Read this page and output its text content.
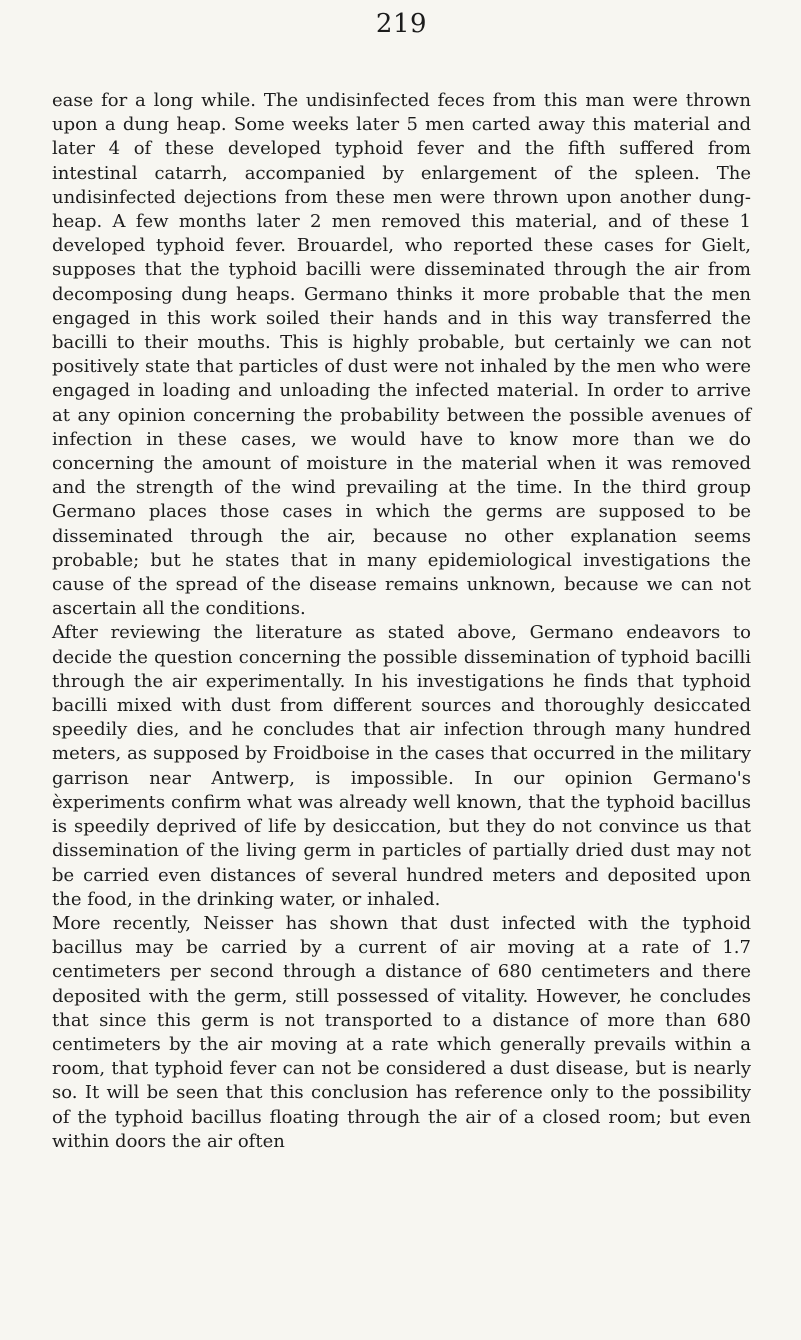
219

ease for a long while. The undisinfected feces from this man were thrown upon a dung heap. Some weeks later 5 men carted away this material and later 4 of these developed typhoid fever and the fifth suffered from intestinal catarrh, accompanied by enlargement of the spleen. The undisinfected dejections from these men were thrown upon another dung-heap. A few months later 2 men removed this material, and of these 1 developed typhoid fever. Brouardel, who reported these cases for Gielt, supposes that the typhoid bacilli were disseminated through the air from decomposing dung heaps. Germano thinks it more probable that the men engaged in this work soiled their hands and in this way transferred the bacilli to their mouths. This is highly probable, but certainly we can not positively state that particles of dust were not inhaled by the men who were engaged in loading and unloading the infected material. In order to arrive at any opinion concerning the probability between the possible avenues of infection in these cases, we would have to know more than we do concerning the amount of moisture in the material when it was removed and the strength of the wind prevailing at the time. In the third group Germano places those cases in which the germs are supposed to be disseminated through the air, because no other explanation seems probable; but he states that in many epidemiological investigations the cause of the spread of the disease remains unknown, because we can not ascertain all the conditions.

After reviewing the literature as stated above, Germano endeavors to decide the question concerning the possible dissemination of typhoid bacilli through the air experimentally. In his investigations he finds that typhoid bacilli mixed with dust from different sources and thoroughly desiccated speedily dies, and he concludes that air infection through many hundred meters, as supposed by Froidboise in the cases that occurred in the military garrison near Antwerp, is impossible. In our opinion Germano's èxperiments confirm what was already well known, that the typhoid bacillus is speedily deprived of life by desiccation, but they do not convince us that dissemination of the living germ in particles of partially dried dust may not be carried even distances of several hundred meters and deposited upon the food, in the drinking water, or inhaled.

More recently, Neisser has shown that dust infected with the typhoid bacillus may be carried by a current of air moving at a rate of 1.7 centimeters per second through a distance of 680 centimeters and there deposited with the germ, still possessed of vitality. However, he concludes that since this germ is not transported to a distance of more than 680 centimeters by the air moving at a rate which generally prevails within a room, that typhoid fever can not be considered a dust disease, but is nearly so. It will be seen that this conclusion has reference only to the possibility of the typhoid bacillus floating through the air of a closed room; but even within doors the air often
